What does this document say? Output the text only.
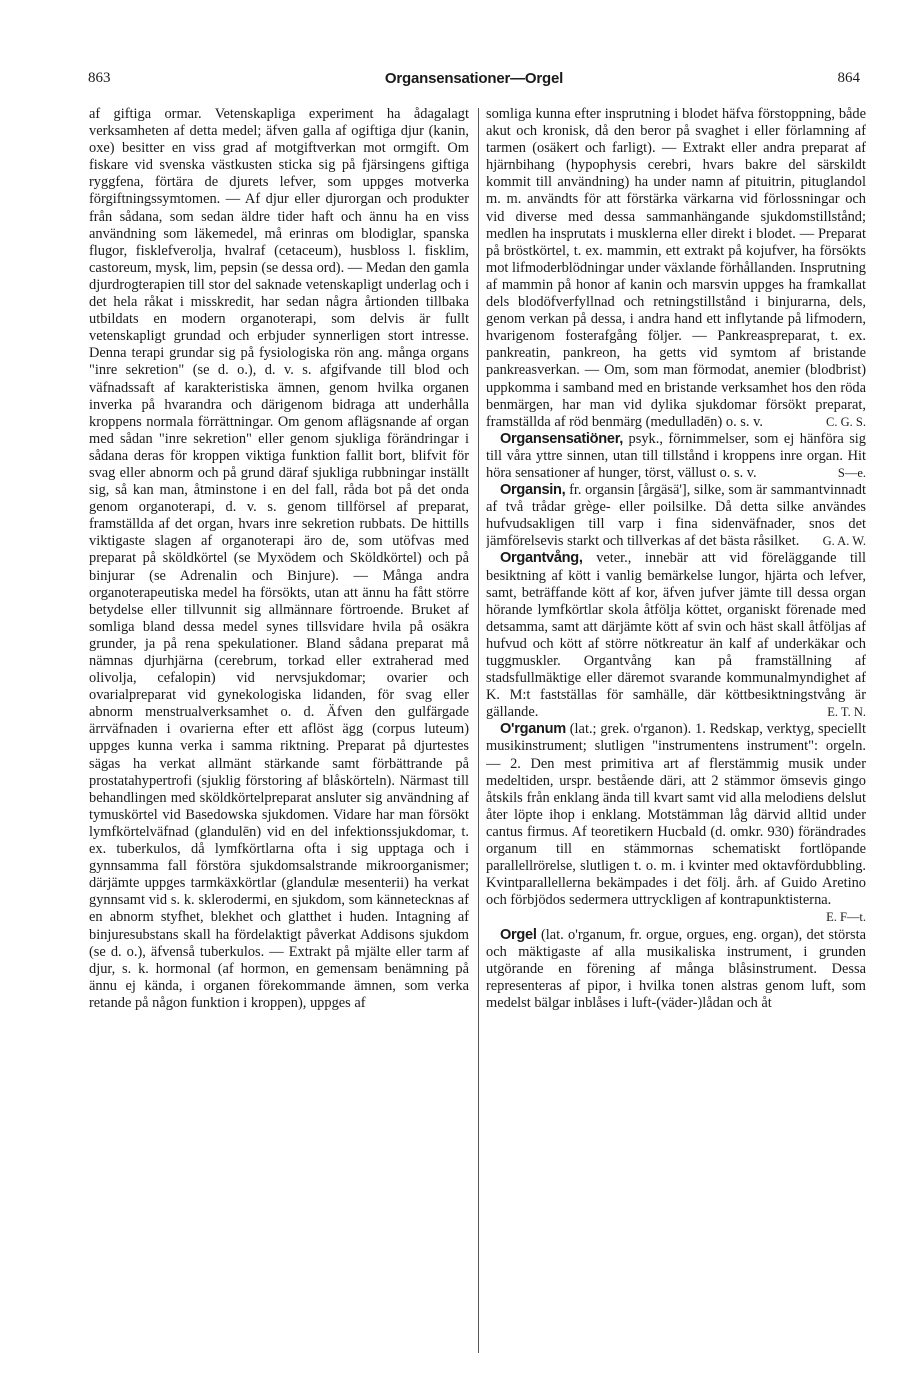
863	Organsensationer—Orgel	864

af giftiga ormar. Vetenskapliga experiment ha ådagalagt verksamheten af detta medel; äfven galla af ogiftiga djur (kanin, oxe) besitter en viss grad af motgiftverkan mot ormgift. Om fiskare vid svenska västkusten sticka sig på fjärsingens giftiga ryggfena, förtära de djurets lefver, som uppges motverka förgiftningssymtomen. — Af djur eller djurorgan och produkter från sådana, som sedan äldre tider haft och ännu ha en viss användning som läkemedel, må erinras om blodiglar, spanska flugor, fisklefverolja, hvalraf (cetaceum), husbloss l. fisklim, castoreum, mysk, lim, pepsin (se dessa ord). — Medan den gamla djurdrogterapien till stor del saknade vetenskapligt underlag och i det hela råkat i misskredit, har sedan några årtionden tillbaka utbildats en modern organoterapi, som delvis är fullt vetenskapligt grundad och erbjuder synnerligen stort intresse. Denna terapi grundar sig på fysiologiska rön ang. många organs "inre sekretion" (se d. o.), d. v. s. afgifvande till blod och väfnadssaft af karakteristiska ämnen, genom hvilka organen inverka på hvarandra och därigenom bidraga att underhålla kroppens normala förrättningar. Om genom aflägsnande af organ med sådan "inre sekretion" eller genom sjukliga förändringar i sådana deras för kroppen viktiga funktion fallit bort, blifvit för svag eller abnorm och på grund däraf sjukliga rubbningar inställt sig, så kan man, åtminstone i en del fall, råda bot på det onda genom organoterapi, d. v. s. genom tillförsel af preparat, framställda af det organ, hvars inre sekretion rubbats. De hittills viktigaste slagen af organoterapi äro de, som utöfvas med preparat på sköldkörtel (se Myxödem och Sköldkörtel) och på binjurar (se Adrenalin och Binjure). — Många andra organoterapeutiska medel ha försökts, utan att ännu ha fått större betydelse eller tillvunnit sig allmännare förtroende. Bruket af somliga bland dessa medel synes tillsvidare hvila på osäkra grunder, ja på rena spekulationer. Bland sådana preparat må nämnas djurhjärna (cerebrum, torkad eller extraherad med olivolja, cefalopin) vid nervsjukdomar; ovarier och ovarialpreparat vid gynekologiska lidanden, för svag eller abnorm menstrualverksamhet o. d. Äfven den gulfärgade ärrväfnaden i ovarierna efter ett aflöst ägg (corpus luteum) uppges kunna verka i samma riktning. Preparat på djurtestes sägas ha verkat allmänt stärkande samt förbättrande på prostatahypertrofi (sjuklig förstoring af blåskörteln). Närmast till behandlingen med sköldkörtelpreparat ansluter sig användning af tymuskörtel vid Basedowska sjukdomen. Vidare har man försökt lymfkörtelväfnad (glandulēn) vid en del infektionssjukdomar, t. ex. tuberkulos, då lymfkörtlarna ofta i sig upptaga och i gynnsamma fall förstöra sjukdomsalstrande mikroorganismer; därjämte uppges tarmkäxkörtlar (glandulæ mesenterii) ha verkat gynnsamt vid s. k. sklerodermi, en sjukdom, som kännetecknas af en abnorm styfhet, blekhet och glatthet i huden. Intagning af binjuresubstans skall ha fördelaktigt påverkat Addisons sjukdom (se d. o.), äfvenså tuberkulos. — Extrakt på mjälte eller tarm af djur, s. k. hormonal (af hormon, en gemensam benämning på ännu ej kända, i organen förekommande ämnen, som verka retande på någon funktion i kroppen), uppges af

somliga kunna efter insprutning i blodet häfva förstoppning, både akut och kronisk, då den beror på svaghet i eller förlamning af tarmen (osäkert och farligt). — Extrakt eller andra preparat af hjärnbihang (hypophysis cerebri, hvars bakre del särskildt kommit till användning) ha under namn af pituitrin, pituglandol m. m. användts för att förstärka värkarna vid förlossningar och vid diverse med dessa sammanhängande sjukdomstillstånd; medlen ha insprutats i musklerna eller direkt i blodet. — Preparat på bröstkörtel, t. ex. mammin, ett extrakt på kojufver, ha försökts mot lifmoderblödningar under växlande förhållanden. Insprutning af mammin på honor af kanin och marsvin uppges ha framkallat dels blodöfverfyllnad och retningstillstånd i binjurarna, dels, genom verkan på dessa, i andra hand ett inflytande på lifmodern, hvarigenom fosterafgång följer. — Pankreaspreparat, t. ex. pankreatin, pankreon, ha getts vid symtom af bristande pankreasverkan. — Om, som man förmodat, anemier (blodbrist) uppkomma i samband med en bristande verksamhet hos den röda benmärgen, har man vid dylika sjukdomar försökt preparat, framställda af röd benmärg (medulladēn) o. s. v.	C. G. S.

Organsensatiöner, psyk., förnimmelser, som ej hänföra sig till våra yttre sinnen, utan till tillstånd i kroppens inre organ. Hit höra sensationer af hunger, törst, vällust o. s. v.	S—e.

Organsin, fr. organsin [årgäsä'], silke, som är sammantvinnadt af två trådar grège- eller poilsilke. Då detta silke användes hufvudsakligen till varp i fina sidenväfnader, snos det jämförelsevis starkt och tillverkas af det bästa råsilket.	G. A. W.

Organtvång, veter., innebär att vid föreläggande till besiktning af kött i vanlig bemärkelse lungor, hjärta och lefver, samt, beträffande kött af kor, äfven jufver jämte till dessa organ hörande lymfkörtlar skola åtfölja köttet, organiskt förenade med detsamma, samt att därjämte kött af svin och häst skall åtföljas af hufvud och kött af större nötkreatur än kalf af underkäkar och tuggmuskler. Organtvång kan på framställning af stadsfullmäktige eller däremot svarande kommunalmyndighet af K. M:t fastställas för samhälle, där köttbesiktningstvång är gällande.	E. T. N.

O'rganum (lat.; grek. o'rganon). 1. Redskap, verktyg, speciellt musikinstrument; slutligen "instrumentens instrument": orgeln. — 2. Den mest primitiva art af flerstämmig musik under medeltiden, urspr. bestående däri, att 2 stämmor ömsevis gingo åtskils från enklang ända till kvart samt vid alla melodiens delslut åter löpte ihop i enklang. Motstämman låg därvid alltid under cantus firmus. Af teoretikern Hucbald (d. omkr. 930) förändrades organum till en stämmornas schematiskt fortlöpande parallellrörelse, slutligen t. o. m. i kvinter med oktavfördubbling. Kvintparallellerna bekämpades i det följ. årh. af Guido Aretino och förbjödos sedermera uttryckligen af kontrapunktisterna.
E. F—t.

Orgel (lat. o'rganum, fr. orgue, orgues, eng. organ), det största och mäktigaste af alla musikaliska instrument, i grunden utgörande en förening af många blåsinstrument. Dessa representeras af pipor, i hvilka tonen alstras genom luft, som medelst bälgar inblåses i luft-(väder-)lådan och åt
